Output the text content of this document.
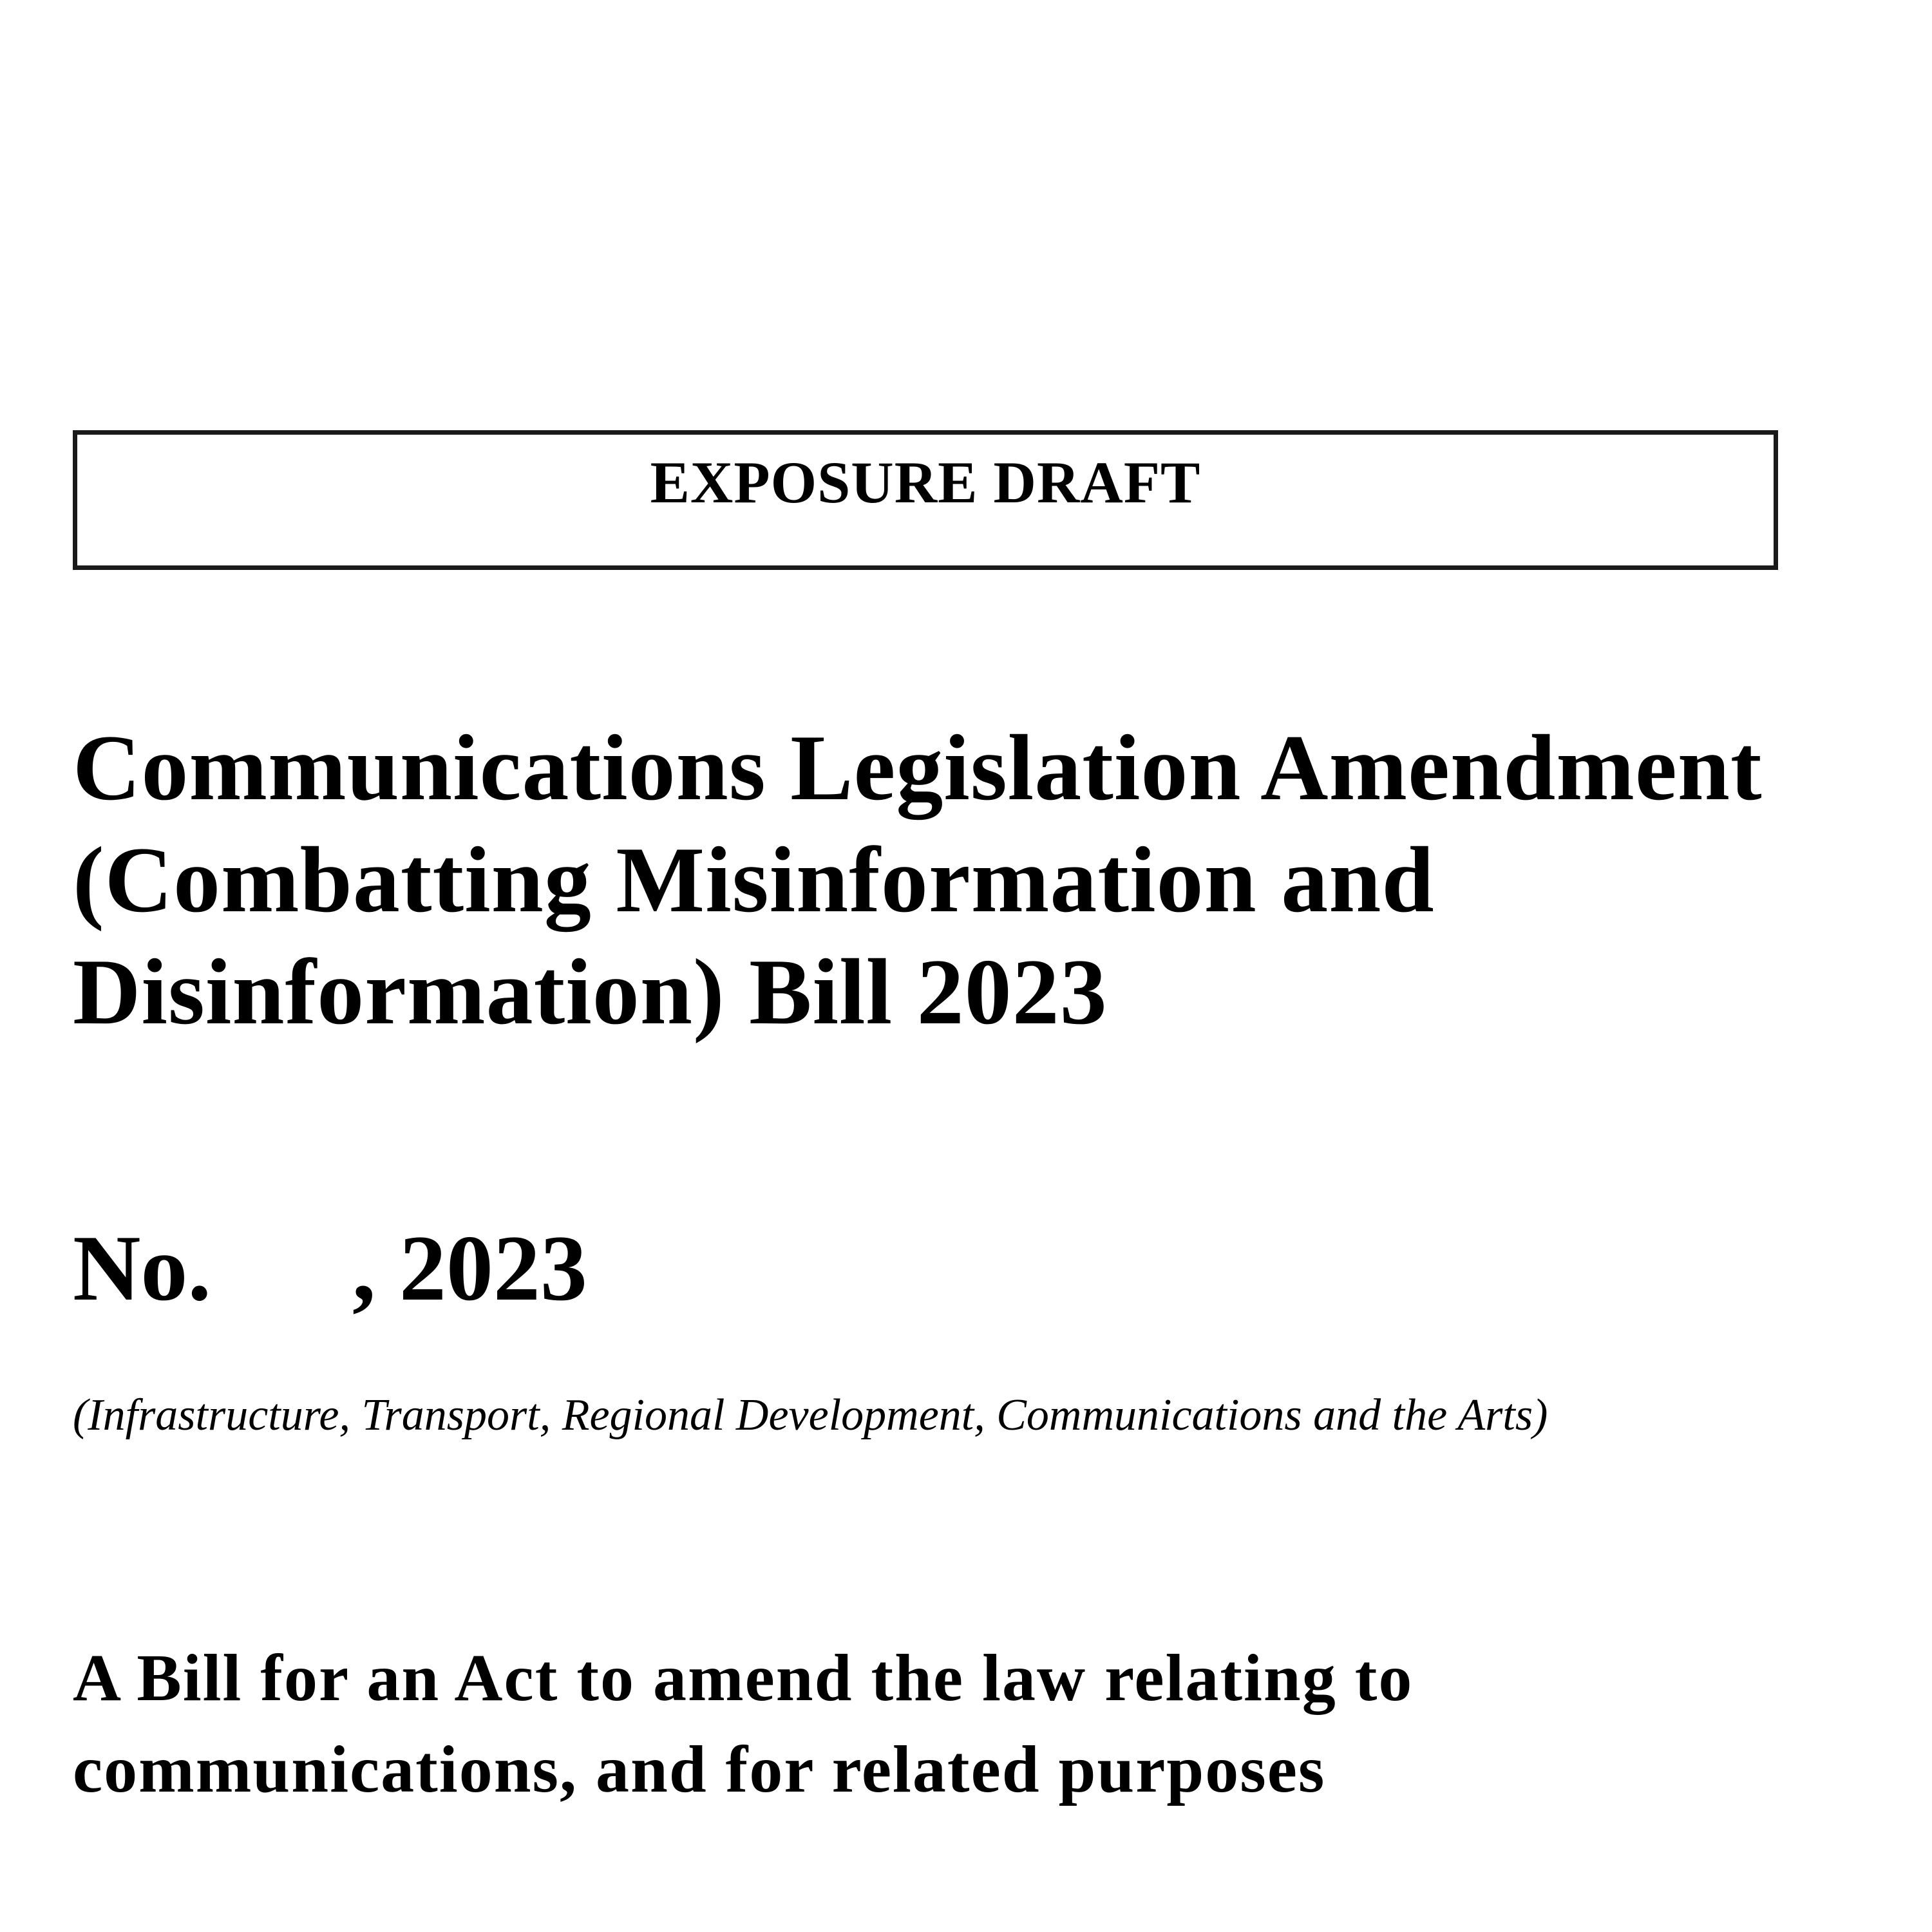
EXPOSURE DRAFT
Communications Legislation Amendment (Combatting Misinformation and Disinformation) Bill 2023
No.      , 2023
(Infrastructure, Transport, Regional Development, Communications and the Arts)

A Bill for an Act to amend the law relating to communications, and for related purposes
